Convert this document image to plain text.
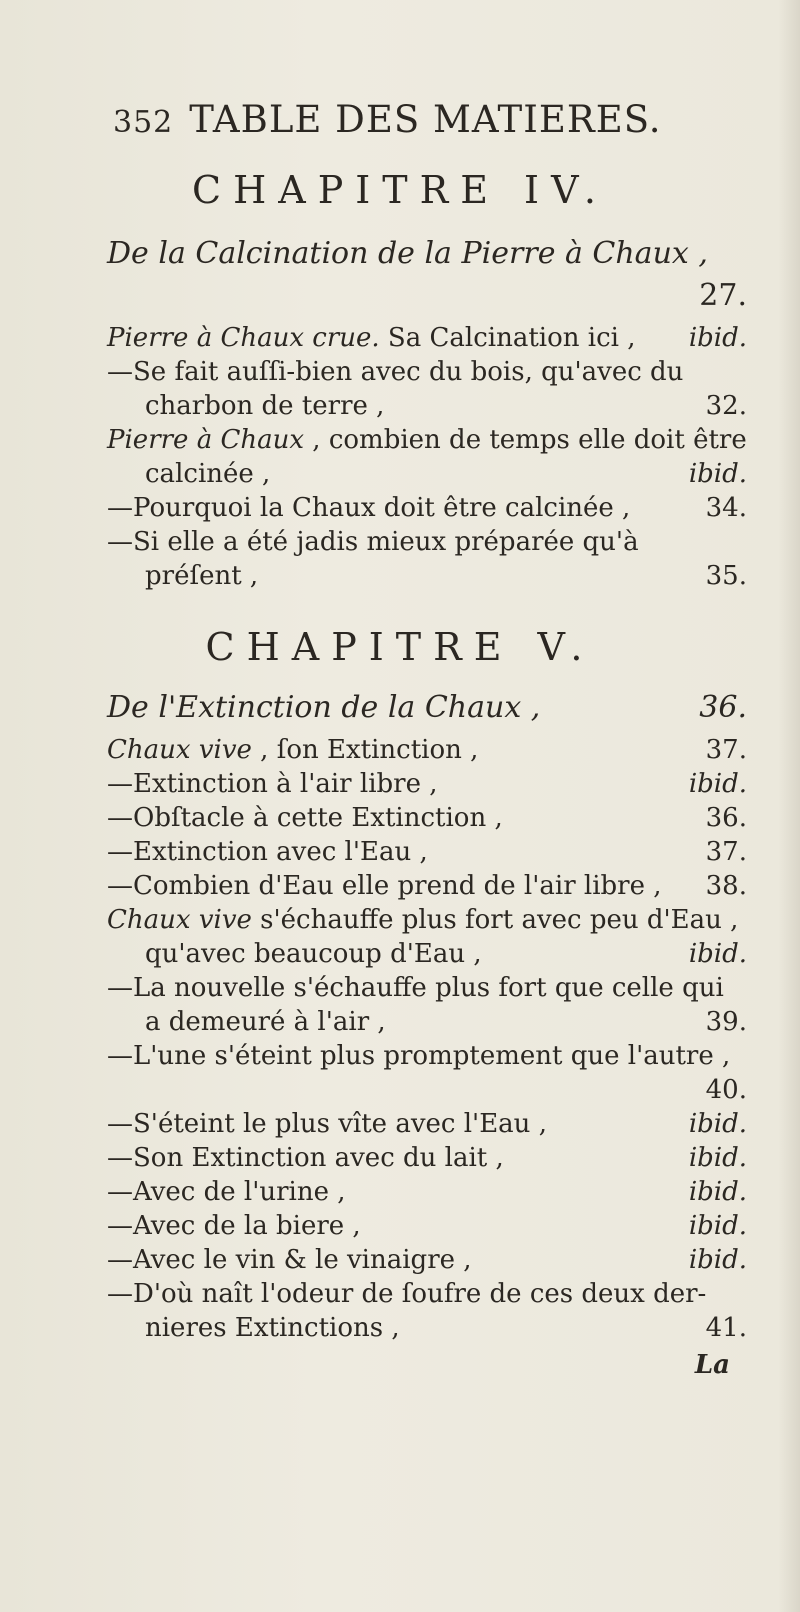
352 TABLE DES MATIERES.
CHAPITRE IV.
De la Calcination de la Pierre à Chaux ,
27.
Pierre à Chaux crue. Sa Calcination ici , ibid.
—Se fait auſſi-bien avec du bois, qu'avec du
charbon de terre ,	32.
Pierre à Chaux , combien de temps elle doit être
calcinée ,	ibid.
—Pourquoi la Chaux doit être calcinée ,	34.
—Si elle a été jadis mieux préparée qu'à
préſent ,	35.
CHAPITRE V.
De l'Extinction de la Chaux ,	36.
Chaux vive , ſon Extinction ,	37.
—Extinction à l'air libre ,	ibid.
—Obſtacle à cette Extinction ,	36.
—Extinction avec l'Eau ,	37.
—Combien d'Eau elle prend de l'air libre , 38.
Chaux vive s'échauffe plus fort avec peu d'Eau ,
qu'avec beaucoup d'Eau ,	ibid.
—La nouvelle s'échauffe plus fort que celle qui
a demeuré à l'air ,	39.
—L'une s'éteint plus promptement que l'autre ,
40.
—S'éteint le plus vîte avec l'Eau ,	ibid.
—Son Extinction avec du lait ,	ibid.
—Avec de l'urine ,	ibid.
—Avec de la biere ,	ibid.
—Avec le vin & le vinaigre ,	ibid.
—D'où naît l'odeur de ſoufre de ces deux der-
nieres Extinctions ,	41.
La
